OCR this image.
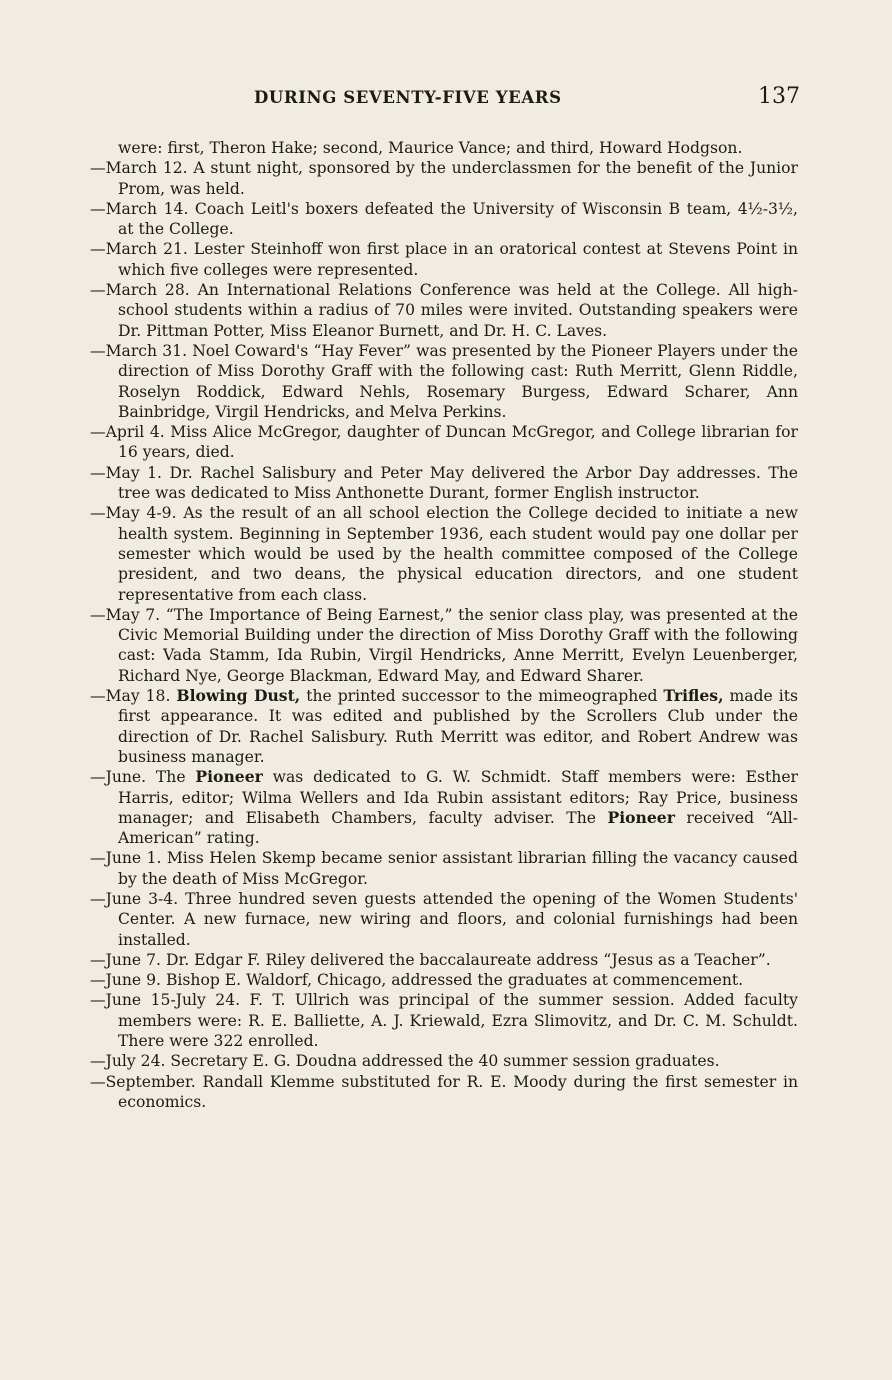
DURING SEVENTY-FIVE YEARS	137

were: first, Theron Hake; second, Maurice Vance; and third, Howard Hodgson.

—March 12. A stunt night, sponsored by the underclassmen for the benefit of the Junior Prom, was held.

—March 14. Coach Leitl's boxers defeated the University of Wisconsin B team, 4½-3½, at the College.

—March 21. Lester Steinhoff won first place in an oratorical contest at Stevens Point in which five colleges were represented.

—March 28. An International Relations Conference was held at the College. All high-school students within a radius of 70 miles were invited. Outstanding speakers were Dr. Pittman Potter, Miss Eleanor Burnett, and Dr. H. C. Laves.

—March 31. Noel Coward's “Hay Fever” was presented by the Pioneer Players under the direction of Miss Dorothy Graff with the following cast: Ruth Merritt, Glenn Riddle, Roselyn Roddick, Edward Nehls, Rosemary Burgess, Edward Scharer, Ann Bainbridge, Virgil Hendricks, and Melva Perkins.

—April 4. Miss Alice McGregor, daughter of Duncan McGregor, and College librarian for 16 years, died.

—May 1. Dr. Rachel Salisbury and Peter May delivered the Arbor Day addresses. The tree was dedicated to Miss Anthonette Durant, former English instructor.

—May 4-9. As the result of an all school election the College decided to initiate a new health system. Beginning in September 1936, each student would pay one dollar per semester which would be used by the health committee composed of the College president, and two deans, the physical education directors, and one student representative from each class.

—May 7. “The Importance of Being Earnest,” the senior class play, was presented at the Civic Memorial Building under the direction of Miss Dorothy Graff with the following cast: Vada Stamm, Ida Rubin, Virgil Hendricks, Anne Merritt, Evelyn Leuenberger, Richard Nye, George Blackman, Edward May, and Edward Sharer.

—May 18. Blowing Dust, the printed successor to the mimeographed Trifles, made its first appearance. It was edited and published by the Scrollers Club under the direction of Dr. Rachel Salisbury. Ruth Merritt was editor, and Robert Andrew was business manager.

—June. The Pioneer was dedicated to G. W. Schmidt. Staff members were: Esther Harris, editor; Wilma Wellers and Ida Rubin assistant editors; Ray Price, business manager; and Elisabeth Chambers, faculty adviser. The Pioneer received “All-American” rating.

—June 1. Miss Helen Skemp became senior assistant librarian filling the vacancy caused by the death of Miss McGregor.

—June 3-4. Three hundred seven guests attended the opening of the Women Students' Center. A new furnace, new wiring and floors, and colonial furnishings had been installed.

—June 7. Dr. Edgar F. Riley delivered the baccalaureate address “Jesus as a Teacher”.

—June 9. Bishop E. Waldorf, Chicago, addressed the graduates at commencement.

—June 15-July 24. F. T. Ullrich was principal of the summer session. Added faculty members were: R. E. Balliette, A. J. Kriewald, Ezra Slimovitz, and Dr. C. M. Schuldt. There were 322 enrolled.

—July 24. Secretary E. G. Doudna addressed the 40 summer session graduates.

—September. Randall Klemme substituted for R. E. Moody during the first semester in economics.
